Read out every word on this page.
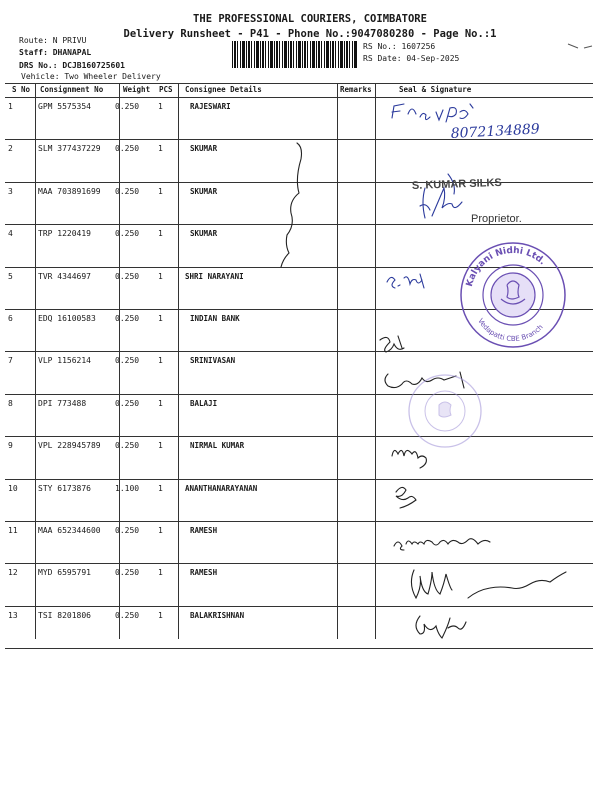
THE PROFESSIONAL COURIERS, COIMBATORE
Delivery Runsheet - P41 - Phone No.:9047080280 - Page No.:1
Route: N PRIVU
Staff: DHANAPAL
DRS No.: DCJB160725601
Vehicle: Two Wheeler Delivery
RS No.: 1607256
RS Date: 04-Sep-2025
S No Consignment No	Weight PCS Consignee Details	Remarks	Seal & Signature
1	GPM 5575354	0.250 1	RAJESWARI
2	SLM 377437229 0.250 1	SKUMAR
3	MAA 703891699 0.250 1	SKUMAR
4	TRP 1220419	0.250 1	SKUMAR
5	TVR 4344697	0.250 1	SHRI NARAYANI
6	EDQ 16100583 0.250 1	INDIAN BANK
7	VLP 1156214	0.250 1	SRINIVASAN
8	DPI 773488	0.250 1	BALAJI
9	VPL 228945789 0.250 1	NIRMAL KUMAR
10	STY 6173876	1.100 1	ANANTHANARAYANAN
11	MAA 652344600 0.250 1	RAMESH
12	MYD 6595791	0.250 1	RAMESH
13	TSI 8201806	0.250 1	BALAKRISHNAN
8072134889
S. KUMAR SILKS
Proprietor.
Kalyani Nidhi Ltd.
Vedapatti CBE Branch
